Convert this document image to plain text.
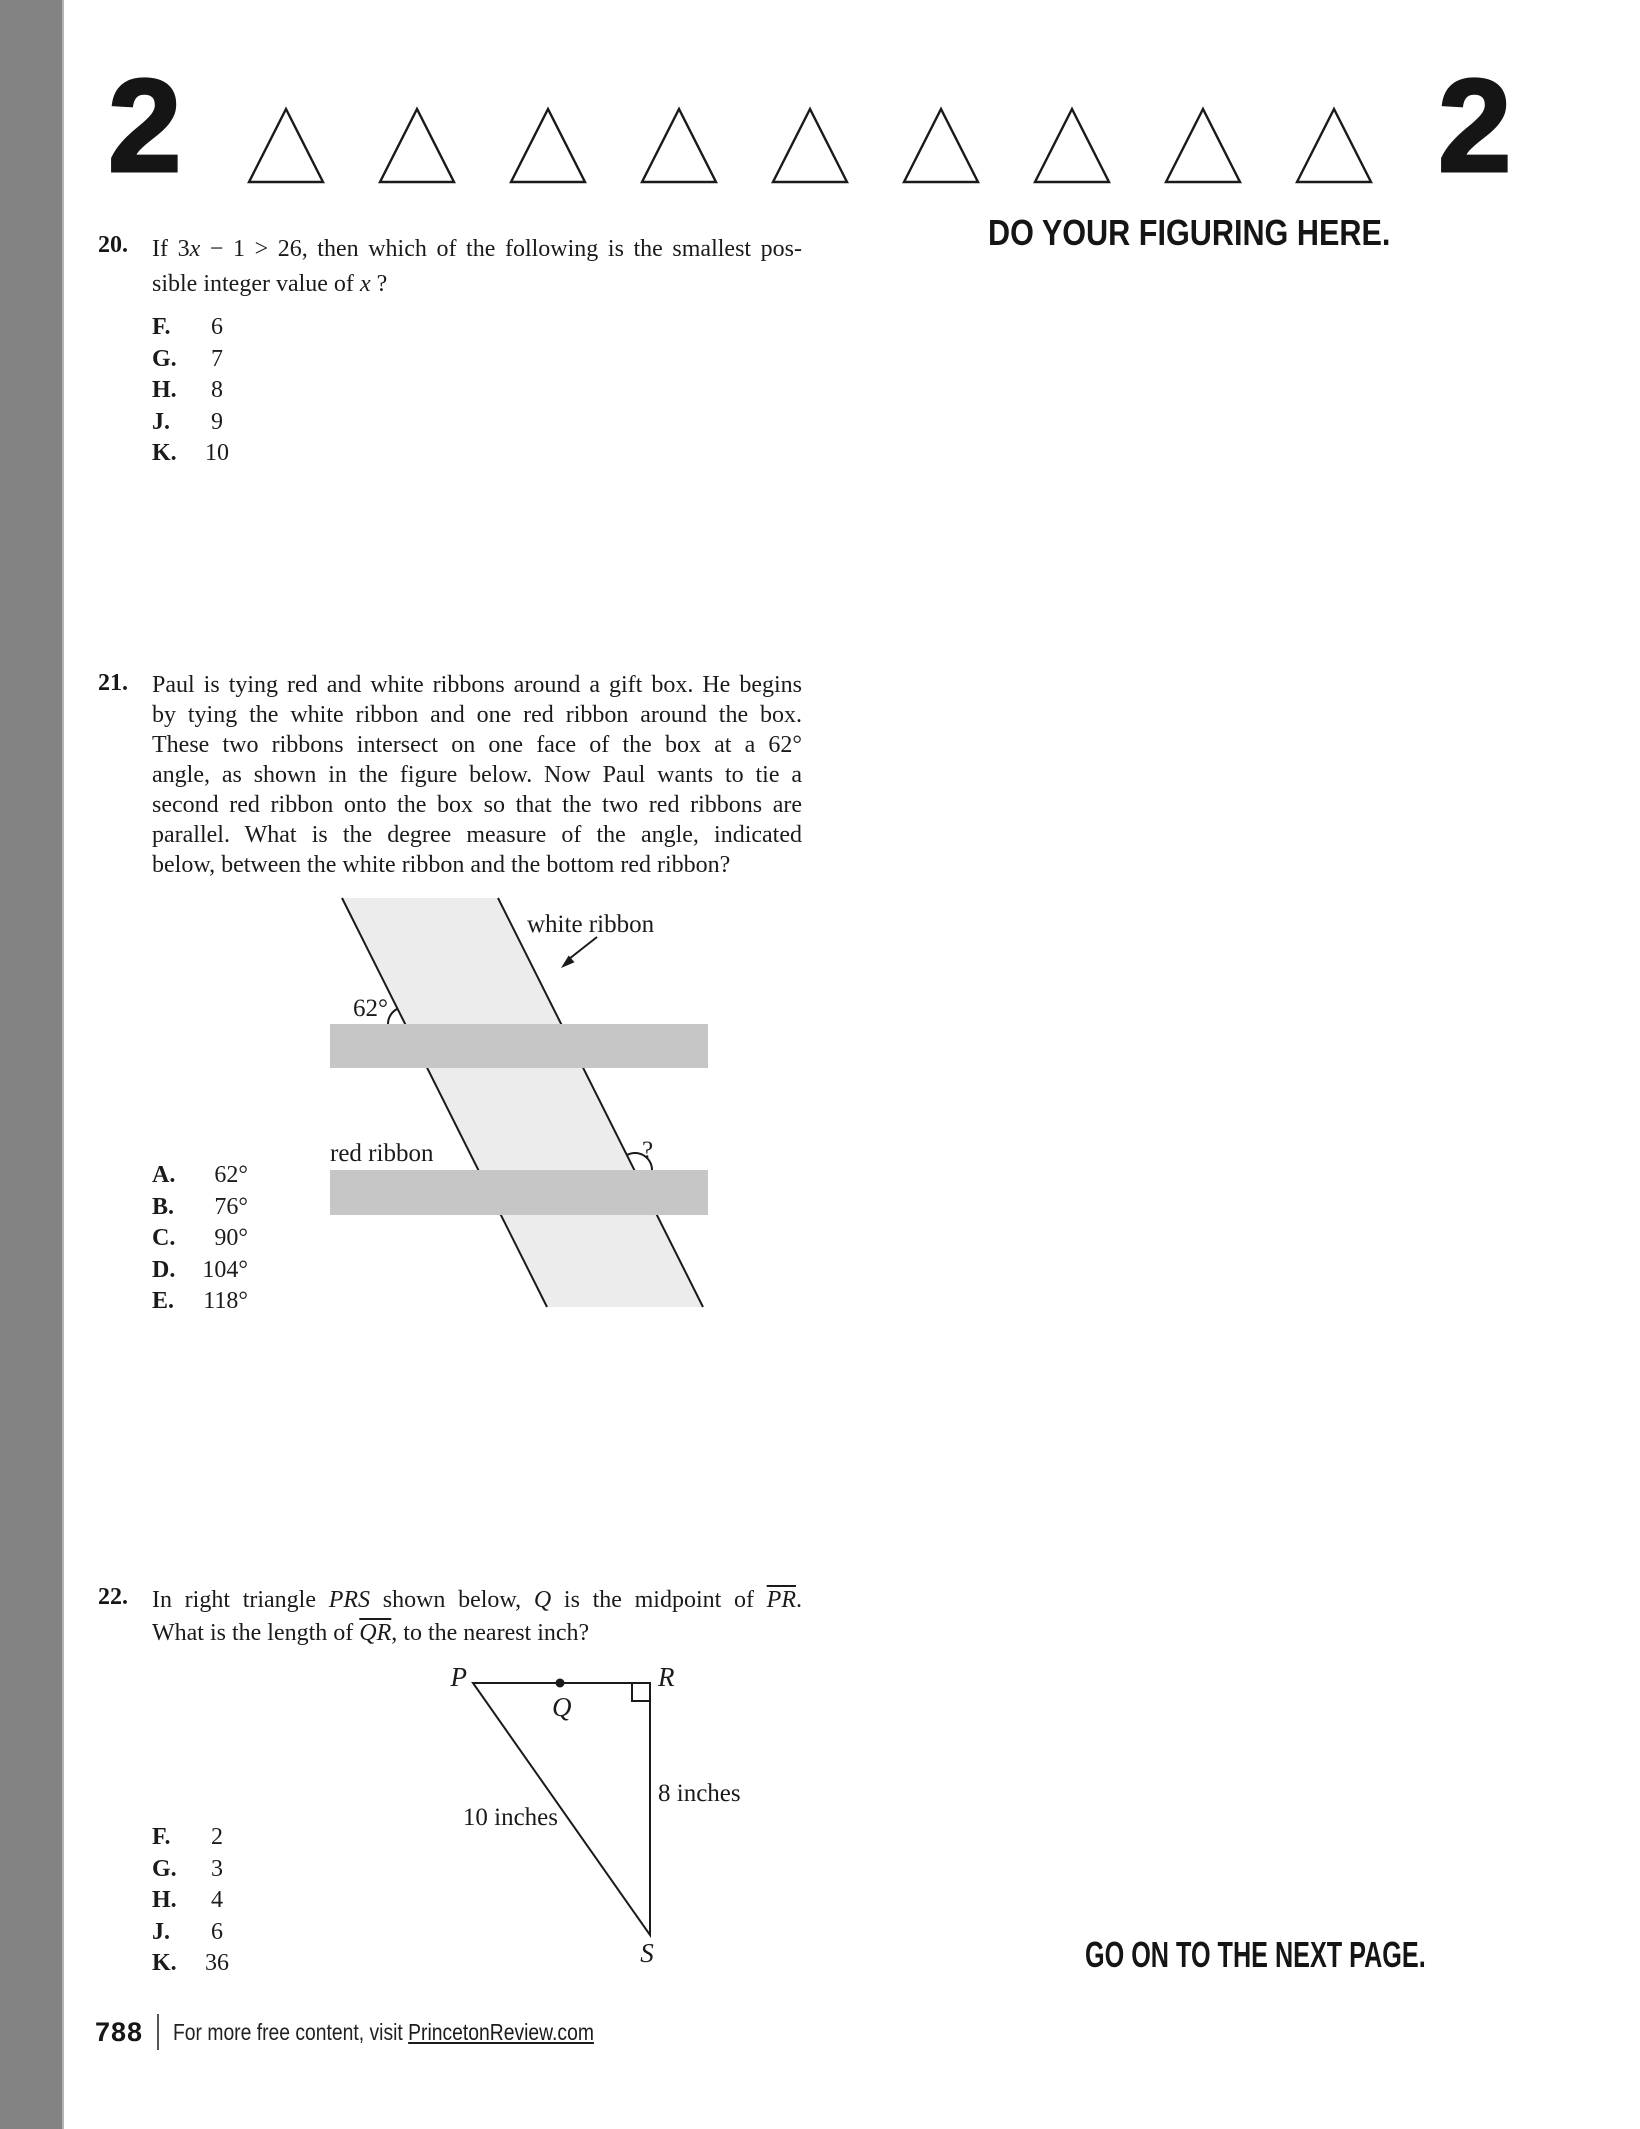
2	2
DO YOUR FIGURING HERE.
20. If 3x − 1 > 26, then which of the following is the smallest pos-
sible integer value of x ?
F.	6
G.	7
H.	8
J.	9
K.	10
21. Paul is tying red and white ribbons around a gift box. He begins
by tying the white ribbon and one red ribbon around the box.
These two ribbons intersect on one face of the box at a 62°
angle, as shown in the figure below. Now Paul wants to tie a
second red ribbon onto the box so that the two red ribbons are
parallel. What is the degree measure of the angle, indicated
below, between the white ribbon and the bottom red ribbon?
62°
white ribbon
red ribbon	?
A.	62°
B.	76°
C.	90°
D.	104°
E.	118°
22. In right triangle PRS shown below, Q is the midpoint of $\overline{PR}$.
What is the length of $\overline{QR}$, to the nearest inch?
P	R
Q
S
8 inches
10 inches
F.	2
G.	3
H.	4
J.	6
K.	36	GO ON TO THE NEXT PAGE.
788 For more free content, visit PrincetonReview.com
